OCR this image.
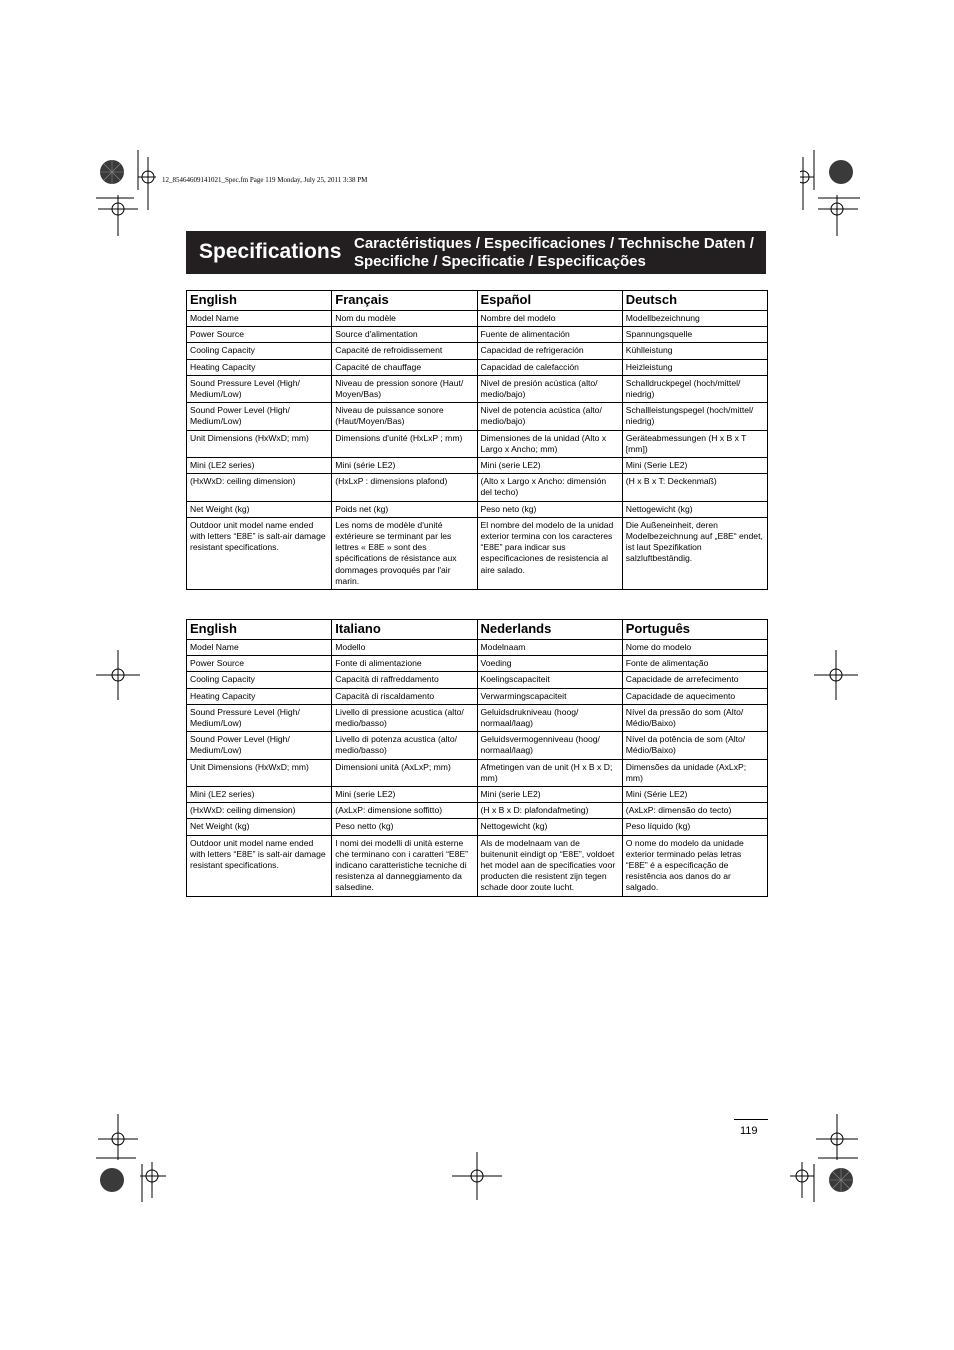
12_85464609141021_Spec.fm Page 119 Monday, July 25, 2011 3:38 PM
Specifications Caractéristiques / Especificaciones / Technische Daten /
Specifiche / Specificatie / Especificações
English	Français	Español	Deutsch
Model Name	Nom du modèle	Nombre del modelo	Modellbezeichnung
Power Source	Source d'alimentation	Fuente de alimentación	Spannungsquelle
Cooling Capacity	Capacité de refroidissement	Capacidad de refrigeración	Kühlleistung
Heating Capacity	Capacité de chauffage	Capacidad de calefacción	Heizleistung
Sound Pressure Level (High/ Medium/Low)	Niveau de pression sonore (Haut/ Moyen/Bas)	Nivel de presión acústica (alto/ medio/bajo)	Schalldruckpegel (hoch/mittel/ niedrig)
Sound Power Level (High/ Medium/Low)	Niveau de puissance sonore (Haut/Moyen/Bas)	Nivel de potencia acústica (alto/ medio/bajo)	Schallleistungspegel (hoch/mittel/ niedrig)
Unit Dimensions (HxWxD; mm)	Dimensions d'unité (HxLxP ; mm)	Dimensiones de la unidad (Alto x Largo x Ancho; mm)	Geräteabmessungen (H x B x T [mm])
Mini (LE2 series)	Mini (série LE2)	Mini (serie LE2)	Mini (Serie LE2)
(HxWxD: ceiling dimension)	(HxLxP : dimensions plafond)	(Alto x Largo x Ancho: dimensión del techo)	(H x B x T: Deckenmaß)
Net Weight (kg)	Poids net (kg)	Peso neto (kg)	Nettogewicht (kg)
Outdoor unit model name ended with letters “E8E” is salt-air damage resistant specifications.	Les noms de modèle d'unité extérieure se terminant par les lettres « E8E » sont des spécifications de résistance aux dommages provoqués par l'air marin.	El nombre del modelo de la unidad exterior termina con los caracteres “E8E” para indicar sus especificaciones de resistencia al aire salado.	Die Außeneinheit, deren Modelbezeichnung auf „E8E“ endet, ist laut Spezifikation salzluftbeständig.
English	Italiano	Nederlands	Português
Model Name	Modello	Modelnaam	Nome do modelo
Power Source	Fonte di alimentazione	Voeding	Fonte de alimentação
Cooling Capacity	Capacità di raffreddamento	Koelingscapaciteit	Capacidade de arrefecimento
Heating Capacity	Capacità di riscaldamento	Verwarmingscapaciteit	Capacidade de aquecimento
Sound Pressure Level (High/ Medium/Low)	Livello di pressione acustica (alto/ medio/basso)	Geluidsdrukniveau (hoog/ normaal/laag)	Nível da pressão do som (Alto/ Médio/Baixo)
Sound Power Level (High/ Medium/Low)	Livello di potenza acustica (alto/ medio/basso)	Geluidsvermogenniveau (hoog/ normaal/laag)	Nível da potência de som (Alto/ Médio/Baixo)
Unit Dimensions (HxWxD; mm)	Dimensioni unità (AxLxP; mm)	Afmetingen van de unit (H x B x D; mm)	Dimensões da unidade (AxLxP; mm)
Mini (LE2 series)	Mini (serie LE2)	Mini (serie LE2)	Mini (Série LE2)
(HxWxD: ceiling dimension)	(AxLxP: dimensione soffitto)	(H x B x D: plafondafmeting)	(AxLxP: dimensão do tecto)
Net Weight (kg)	Peso netto (kg)	Nettogewicht (kg)	Peso líquido (kg)
Outdoor unit model name ended with letters “E8E” is salt-air damage resistant specifications.	I nomi dei modelli di unità esterne che terminano con i caratteri “E8E” indicano caratteristiche tecniche di resistenza al danneggiamento da salsedine.	Als de modelnaam van de buitenunit eindigt op “E8E”, voldoet het model aan de specificaties voor producten die resistent zijn tegen schade door zoute lucht.	O nome do modelo da unidade exterior terminado pelas letras “E8E” é a especificação de resistência aos danos do ar salgado.
119
